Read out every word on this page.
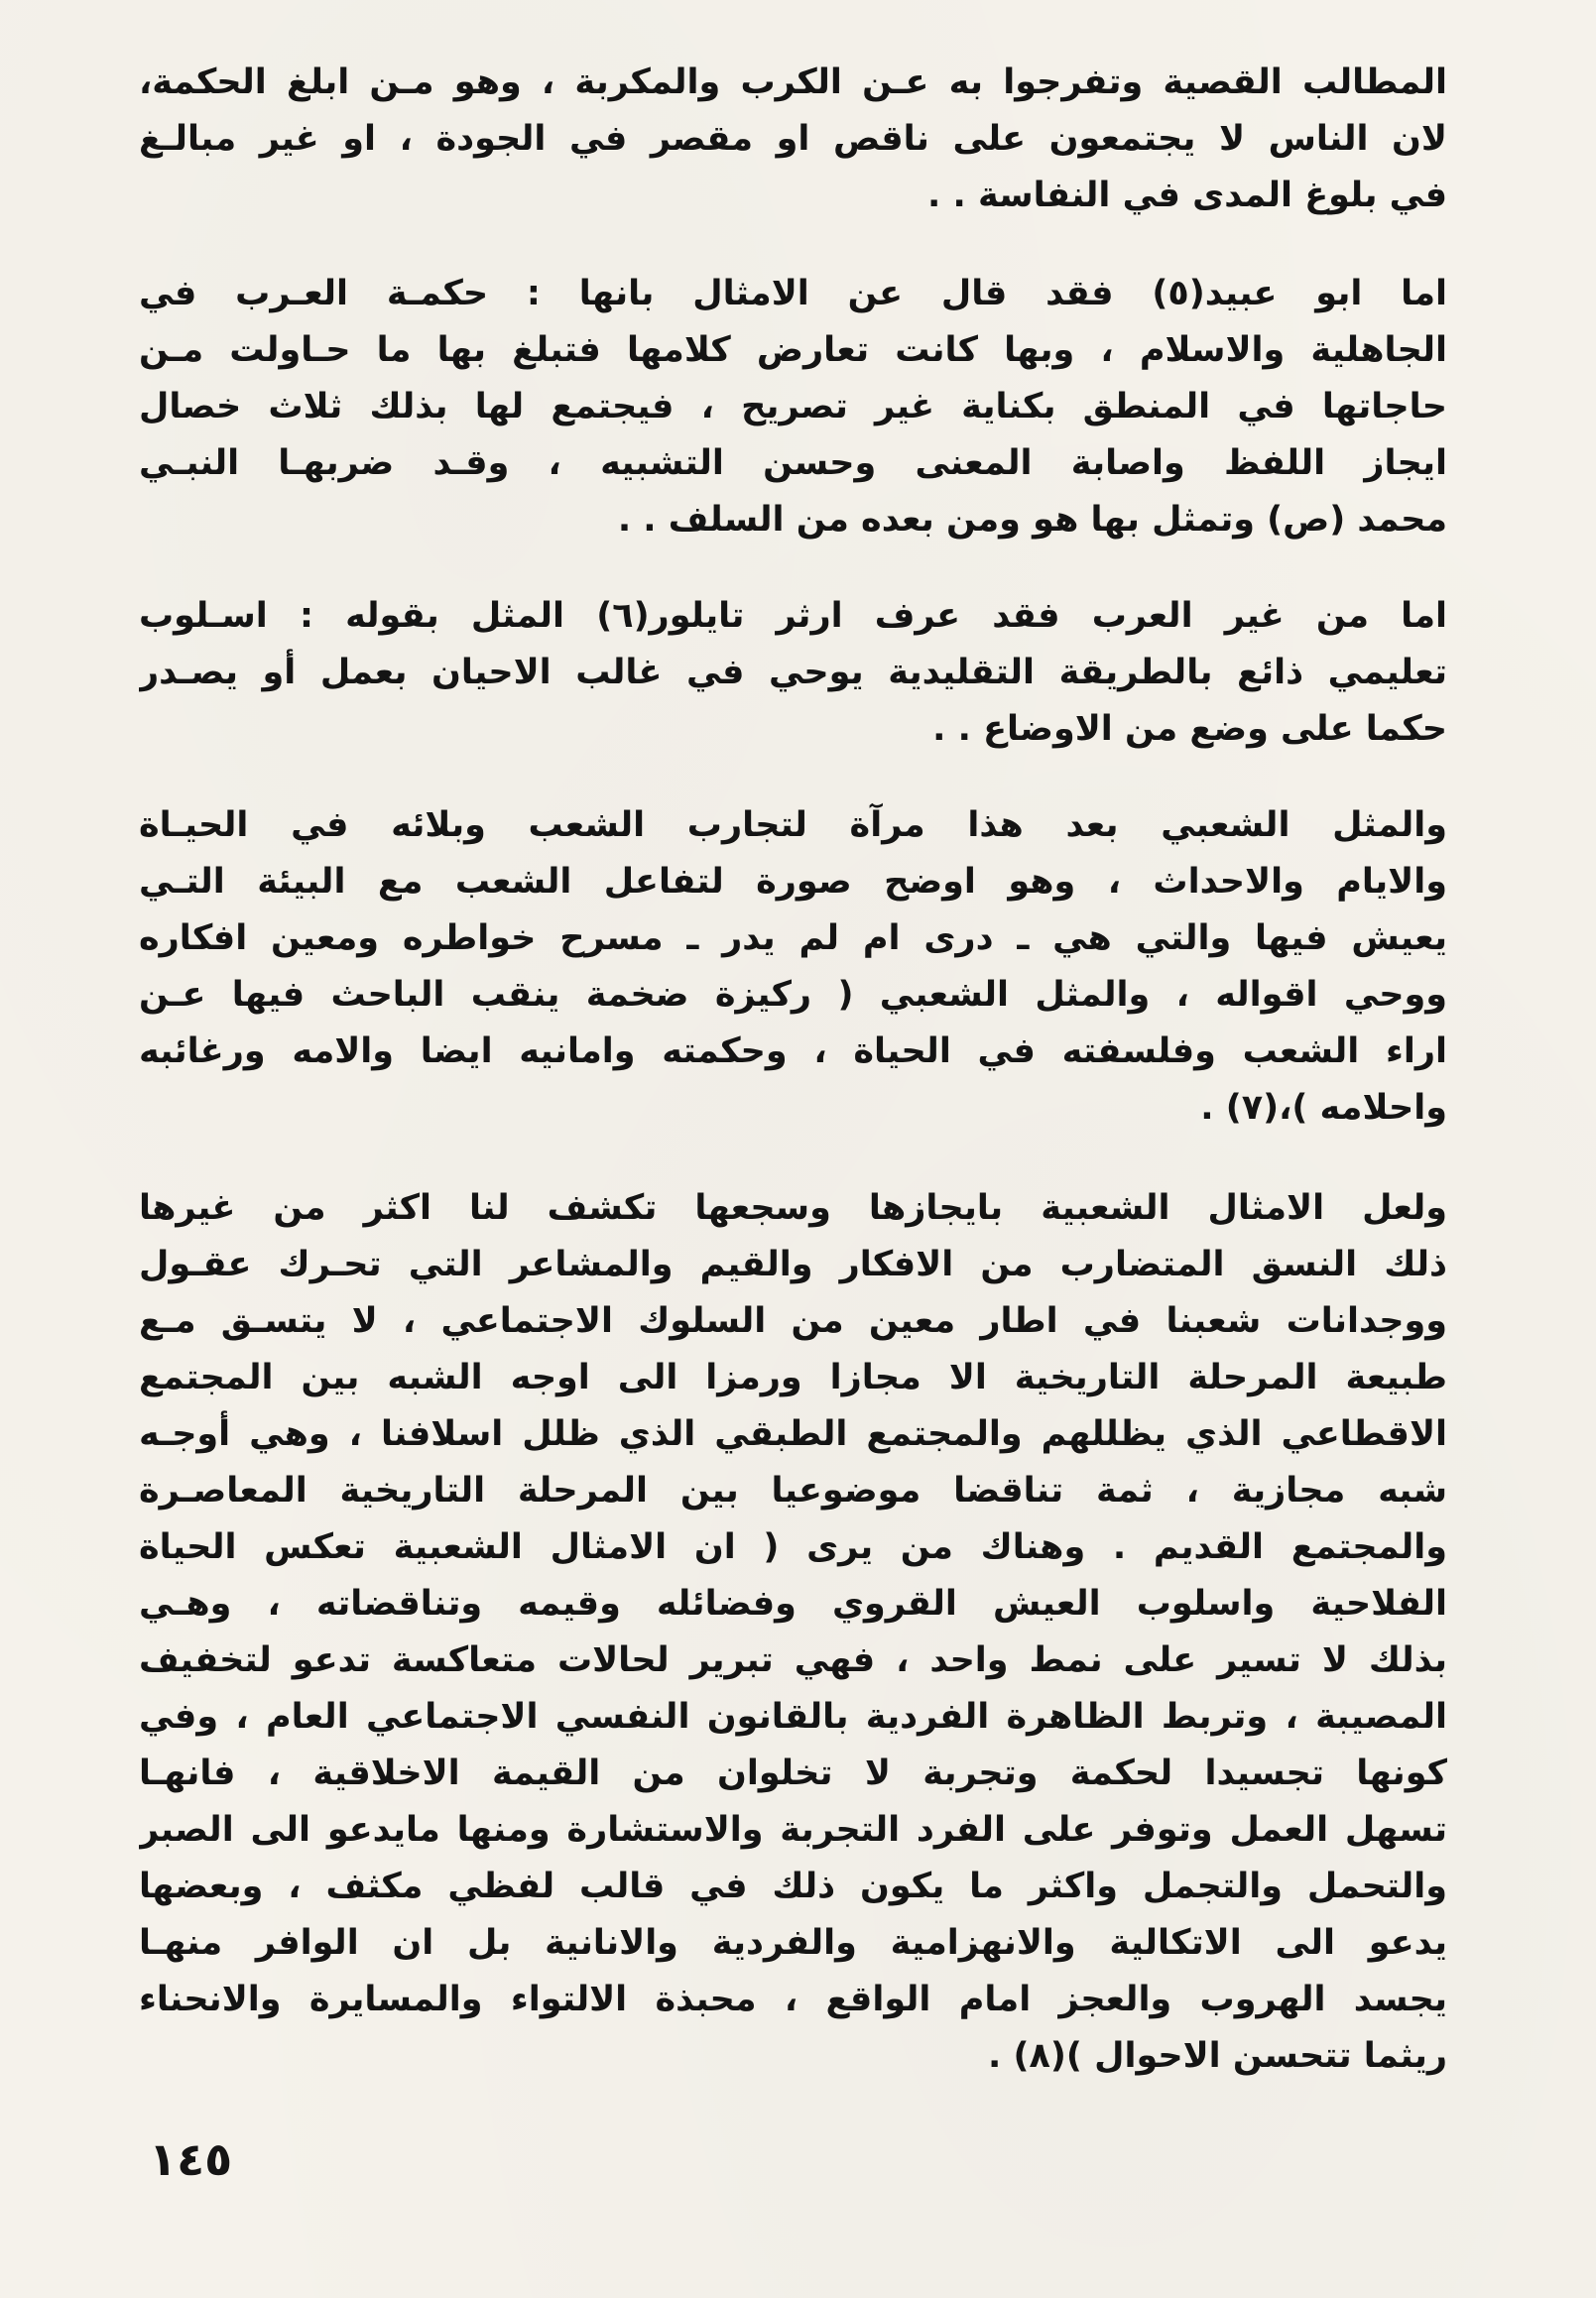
المطالب القصية وتفرجوا به عـن الكرب والمكربة ، وهو مـن ابلغ الحكمة،
لان الناس لا يجتمعون على ناقص او مقصر في الجودة ، او غير مبالـغ
في بلوغ المدى في النفاسة . .

اما ابو عبيد(٥) فقد قال عن الامثال بانها : حكمـة العـرب في
الجاهلية والاسلام ، وبها كانت تعارض كلامها فتبلغ بها ما حـاولت مـن
حاجاتها في المنطق بكناية غير تصريح ، فيجتمع لها بذلك ثلاث خصال
ايجاز اللفظ واصابة المعنى وحسن التشبيه ، وقـد ضربهـا النبـي
محمد (ص) وتمثل بها هو ومن بعده من السلف . .

اما من غير العرب فقد عرف ارثر تايلور(٦) المثل بقوله : اسـلوب
تعليمي ذائع بالطريقة التقليدية يوحي في غالب الاحيان بعمل أو يصـدر
حكما على وضع من الاوضاع . .

والمثل الشعبي بعد هذا مرآة لتجارب الشعب وبلائه في الحيـاة
والايام والاحداث ، وهو اوضح صورة لتفاعل الشعب مع البيئة التـي
يعيش فيها والتي هي ـ درى ام لم يدر ـ مسرح خواطره ومعين افكاره
ووحي اقواله ، والمثل الشعبي ( ركيزة ضخمة ينقب الباحث فيها عـن
اراء الشعب وفلسفته في الحياة ، وحكمته وامانيه ايضا والامه ورغائبه
واحلامه )،(٧) .

ولعل الامثال الشعبية بايجازها وسجعها تكشف لنا اكثر من غيرها
ذلك النسق المتضارب من الافكار والقيم والمشاعر التي تحـرك عقـول
ووجدانات شعبنا في اطار معين من السلوك الاجتماعي ، لا يتسـق مـع
طبيعة المرحلة التاريخية الا مجازا ورمزا الى اوجه الشبه بين المجتمع
الاقطاعي الذي يظللهم والمجتمع الطبقي الذي ظلل اسلافنا ، وهي أوجـه
شبه مجازية ، ثمة تناقضا موضوعيا بين المرحلة التاريخية المعاصـرة
والمجتمع القديم . وهناك من يرى ( ان الامثال الشعبية تعكس الحياة
الفلاحية واسلوب العيش القروي وفضائله وقيمه وتناقضاته ، وهـي
بذلك لا تسير على نمط واحد ، فهي تبرير لحالات متعاكسة تدعو لتخفيف
المصيبة ، وتربط الظاهرة الفردية بالقانون النفسي الاجتماعي العام ، وفي
كونها تجسيدا لحكمة وتجربة لا تخلوان من القيمة الاخلاقية ، فانهـا
تسهل العمل وتوفر على الفرد التجربة والاستشارة ومنها مايدعو الى الصبر
والتحمل والتجمل واكثر ما يكون ذلك في قالب لفظي مكثف ، وبعضها
يدعو الى الاتكالية والانهزامية والفردية والانانية بل ان الوافر منهـا
يجسد الهروب والعجز امام الواقع ، محبذة الالتواء والمسايرة والانحناء
ريثما تتحسن الاحوال )(٨) .

١٤٥
